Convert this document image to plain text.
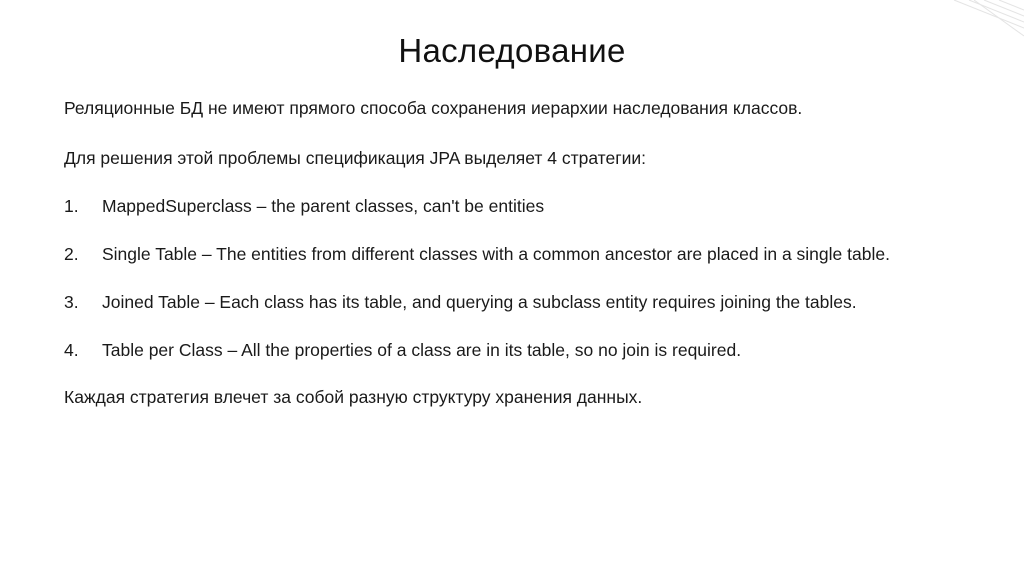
Наследование
Реляционные БД не имеют прямого способа сохранения иерархии наследования классов.
Для решения этой проблемы спецификация JPA выделяет 4 стратегии:
1. MappedSuperclass – the parent classes, can't be entities
2. Single Table – The entities from different classes with a common ancestor are placed in a single table.
3. Joined Table – Each class has its table, and querying a subclass entity requires joining the tables.
4. Table per Class – All the properties of a class are in its table, so no join is required.
Каждая стратегия влечет за собой разную структуру хранения данных.
